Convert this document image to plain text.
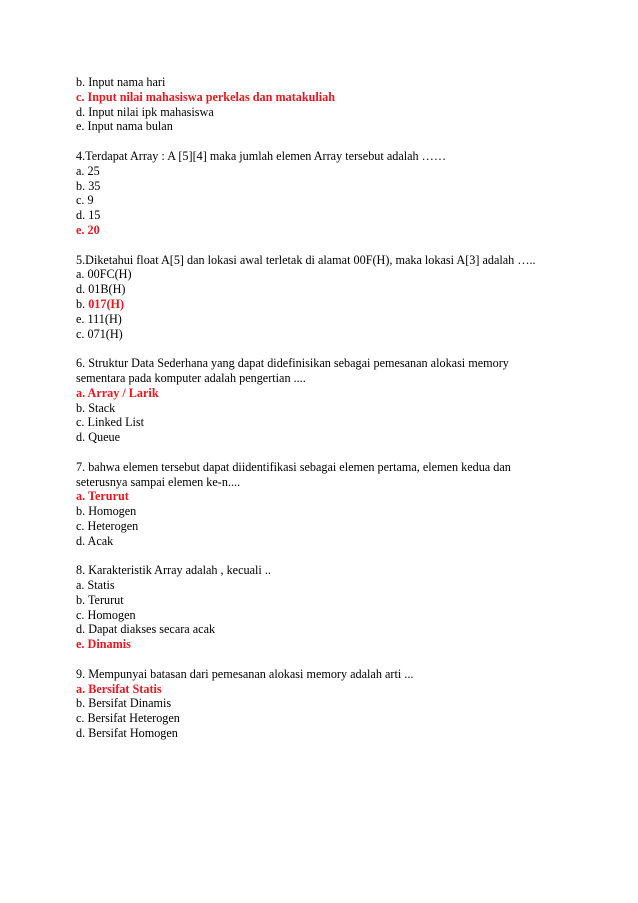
b. Input nama hari
c. Input nilai mahasiswa perkelas dan matakuliah
d. Input nilai ipk mahasiswa
e. Input nama bulan
4.Terdapat Array : A [5][4] maka jumlah elemen Array tersebut adalah ……
a. 25
b. 35
c. 9
d. 15
e. 20
5.Diketahui float A[5] dan lokasi awal terletak di alamat 00F(H), maka lokasi A[3] adalah …..
a. 00FC(H)
d. 01B(H)
b. 017(H)
e. 111(H)
c. 071(H)
6. Struktur Data Sederhana yang dapat didefinisikan sebagai pemesanan alokasi memory sementara pada komputer adalah pengertian ....
a. Array / Larik
b. Stack
c. Linked List
d. Queue
7. bahwa elemen tersebut dapat diidentifikasi sebagai elemen pertama, elemen kedua dan seterusnya sampai elemen ke-n....
a. Terurut
b. Homogen
c. Heterogen
d. Acak
8. Karakteristik Array adalah , kecuali ..
a. Statis
b. Terurut
c. Homogen
d. Dapat diakses secara acak
e. Dinamis
9. Mempunyai batasan dari pemesanan alokasi memory adalah arti ...
a. Bersifat Statis
b. Bersifat Dinamis
c. Bersifat Heterogen
d. Bersifat Homogen
